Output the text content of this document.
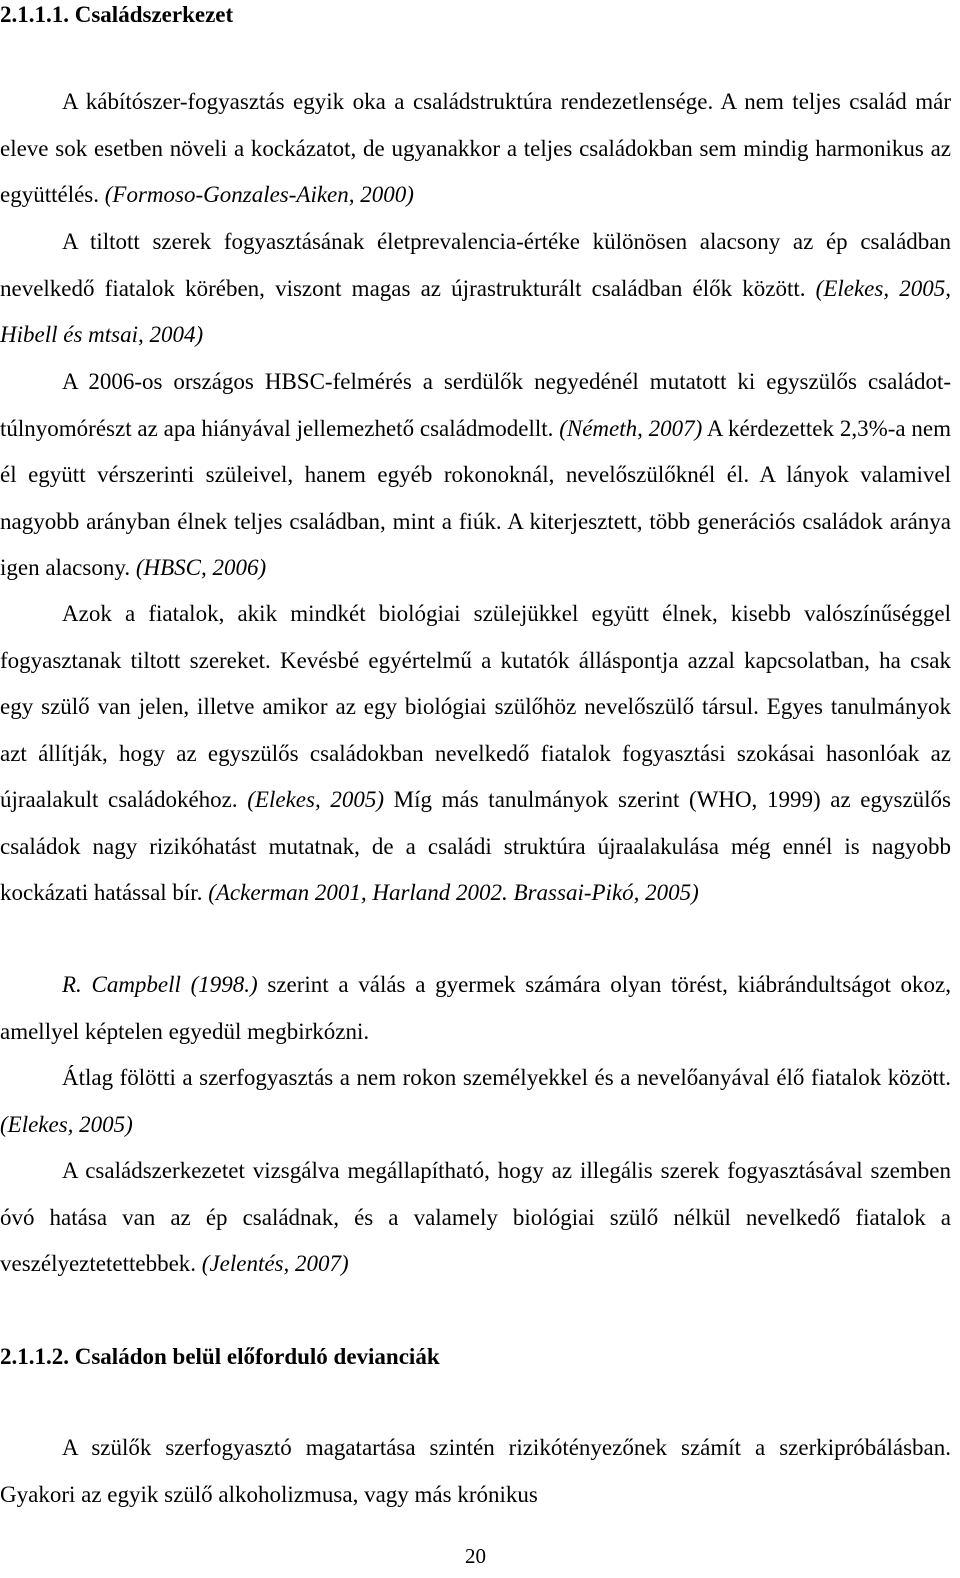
2.1.1.1. Családszerkezet

A kábítószer-fogyasztás egyik oka a családstruktúra rendezetlensége. A nem teljes család már eleve sok esetben növeli a kockázatot, de ugyanakkor a teljes családokban sem mindig harmonikus az együttélés. (Formoso-Gonzales-Aiken, 2000)

A tiltott szerek fogyasztásának életprevalencia-értéke különösen alacsony az ép családban nevelkedő fiatalok körében, viszont magas az újrastrukturált családban élők között. (Elekes, 2005, Hibell és mtsai, 2004)

A 2006-os országos HBSC-felmérés a serdülők negyedénél mutatott ki egyszülős családot- túlnyomórészt az apa hiányával jellemezhető családmodellt. (Németh, 2007) A kérdezettek 2,3%-a nem él együtt vérszerinti szüleivel, hanem egyéb rokonoknál, nevelőszülőknél él. A lányok valamivel nagyobb arányban élnek teljes családban, mint a fiúk. A kiterjesztett, több generációs családok aránya igen alacsony. (HBSC, 2006)

Azok a fiatalok, akik mindkét biológiai szülejükkel együtt élnek, kisebb valószínűséggel fogyasztanak tiltott szereket. Kevésbé egyértelmű a kutatók álláspontja azzal kapcsolatban, ha csak egy szülő van jelen, illetve amikor az egy biológiai szülőhöz nevelőszülő társul. Egyes tanulmányok azt állítják, hogy az egyszülős családokban nevelkedő fiatalok fogyasztási szokásai hasonlóak az újraalakult családokéhoz. (Elekes, 2005) Míg más tanulmányok szerint (WHO, 1999) az egyszülős családok nagy rizikóhatást mutatnak, de a családi struktúra újraalakulása még ennél is nagyobb kockázati hatással bír. (Ackerman 2001, Harland 2002. Brassai-Pikó, 2005)

R. Campbell (1998.) szerint a válás a gyermek számára olyan törést, kiábrándultságot okoz, amellyel képtelen egyedül megbirkózni.

Átlag fölötti a szerfogyasztás a nem rokon személyekkel és a nevelőanyával élő fiatalok között. (Elekes, 2005)

A családszerkezetet vizsgálva megállapítható, hogy az illegális szerek fogyasztásával szemben óvó hatása van az ép családnak, és a valamely biológiai szülő nélkül nevelkedő fiatalok a veszélyeztetettebbek. (Jelentés, 2007)

2.1.1.2. Családon belül előforduló devianciák

A szülők szerfogyasztó magatartása szintén rizikótényezőnek számít a szerkipróbálásban. Gyakori az egyik szülő alkoholizmusa, vagy más krónikus

20
